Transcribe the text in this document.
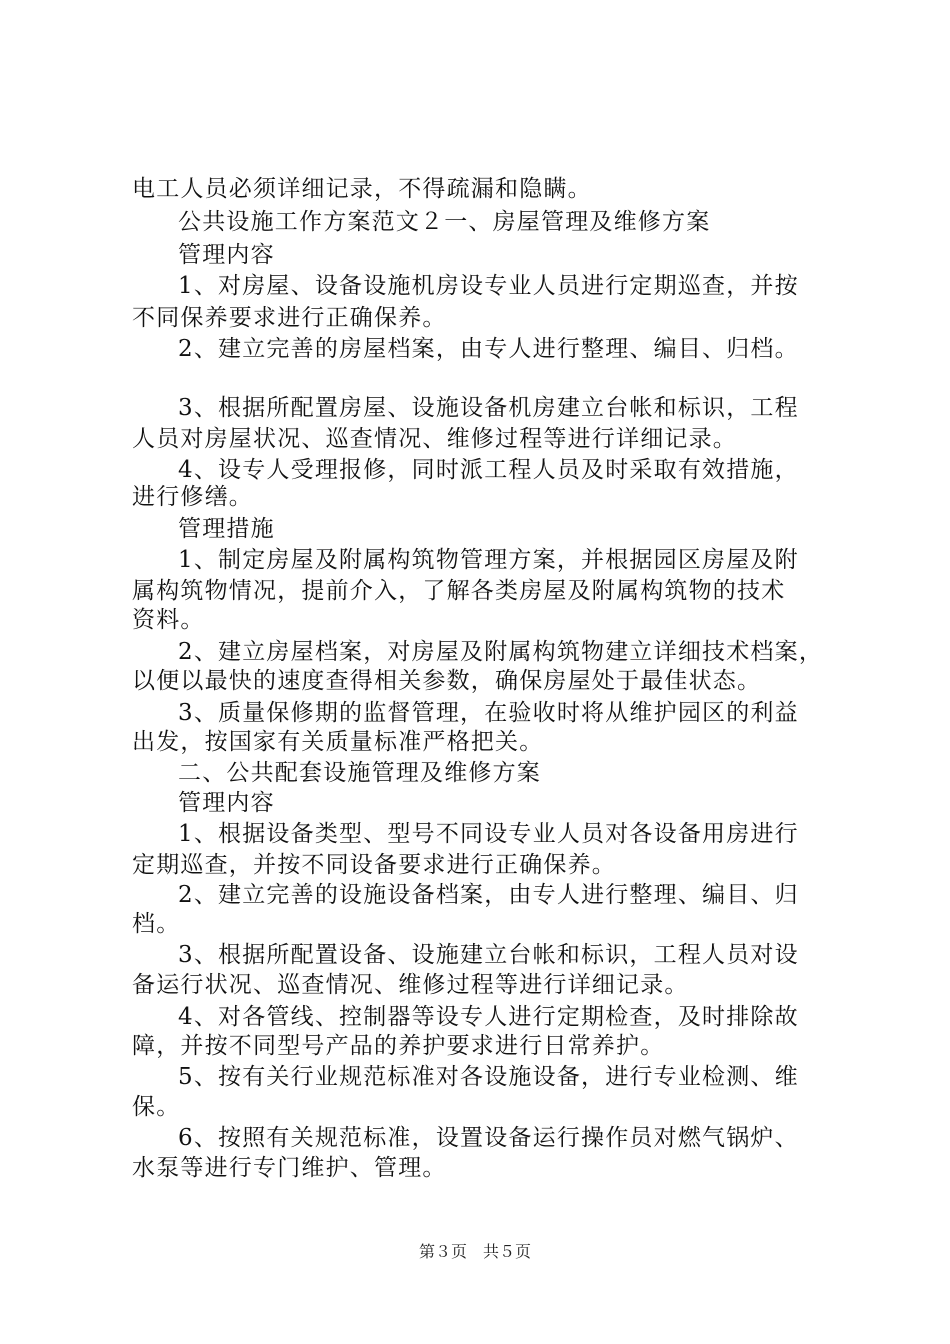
电工人员必须详细记录，不得疏漏和隐瞒。
公共设施工作方案范文２一、房屋管理及维修方案
管理内容
1、对房屋、设备设施机房设专业人员进行定期巡查，并按
不同保养要求进行正确保养。
2、建立完善的房屋档案，由专人进行整理、编目、归档。
3、根据所配置房屋、设施设备机房建立台帐和标识，工程
人员对房屋状况、巡查情况、维修过程等进行详细记录。
4、设专人受理报修，同时派工程人员及时采取有效措施，
进行修缮。
管理措施
1、制定房屋及附属构筑物管理方案，并根据园区房屋及附
属构筑物情况，提前介入，了解各类房屋及附属构筑物的技术
资料。
2、建立房屋档案，对房屋及附属构筑物建立详细技术档案，
以便以最快的速度查得相关参数，确保房屋处于最佳状态。
3、质量保修期的监督管理，在验收时将从维护园区的利益
出发，按国家有关质量标准严格把关。
二、公共配套设施管理及维修方案
管理内容
1、根据设备类型、型号不同设专业人员对各设备用房进行
定期巡查，并按不同设备要求进行正确保养。
2、建立完善的设施设备档案，由专人进行整理、编目、归
档。
3、根据所配置设备、设施建立台帐和标识，工程人员对设
备运行状况、巡查情况、维修过程等进行详细记录。
4、对各管线、控制器等设专人进行定期检查，及时排除故
障，并按不同型号产品的养护要求进行日常养护。
5、按有关行业规范标准对各设施设备，进行专业检测、维
保。
6、按照有关规范标准，设置设备运行操作员对燃气锅炉、
水泵等进行专门维护、管理。
第３页　共５页
